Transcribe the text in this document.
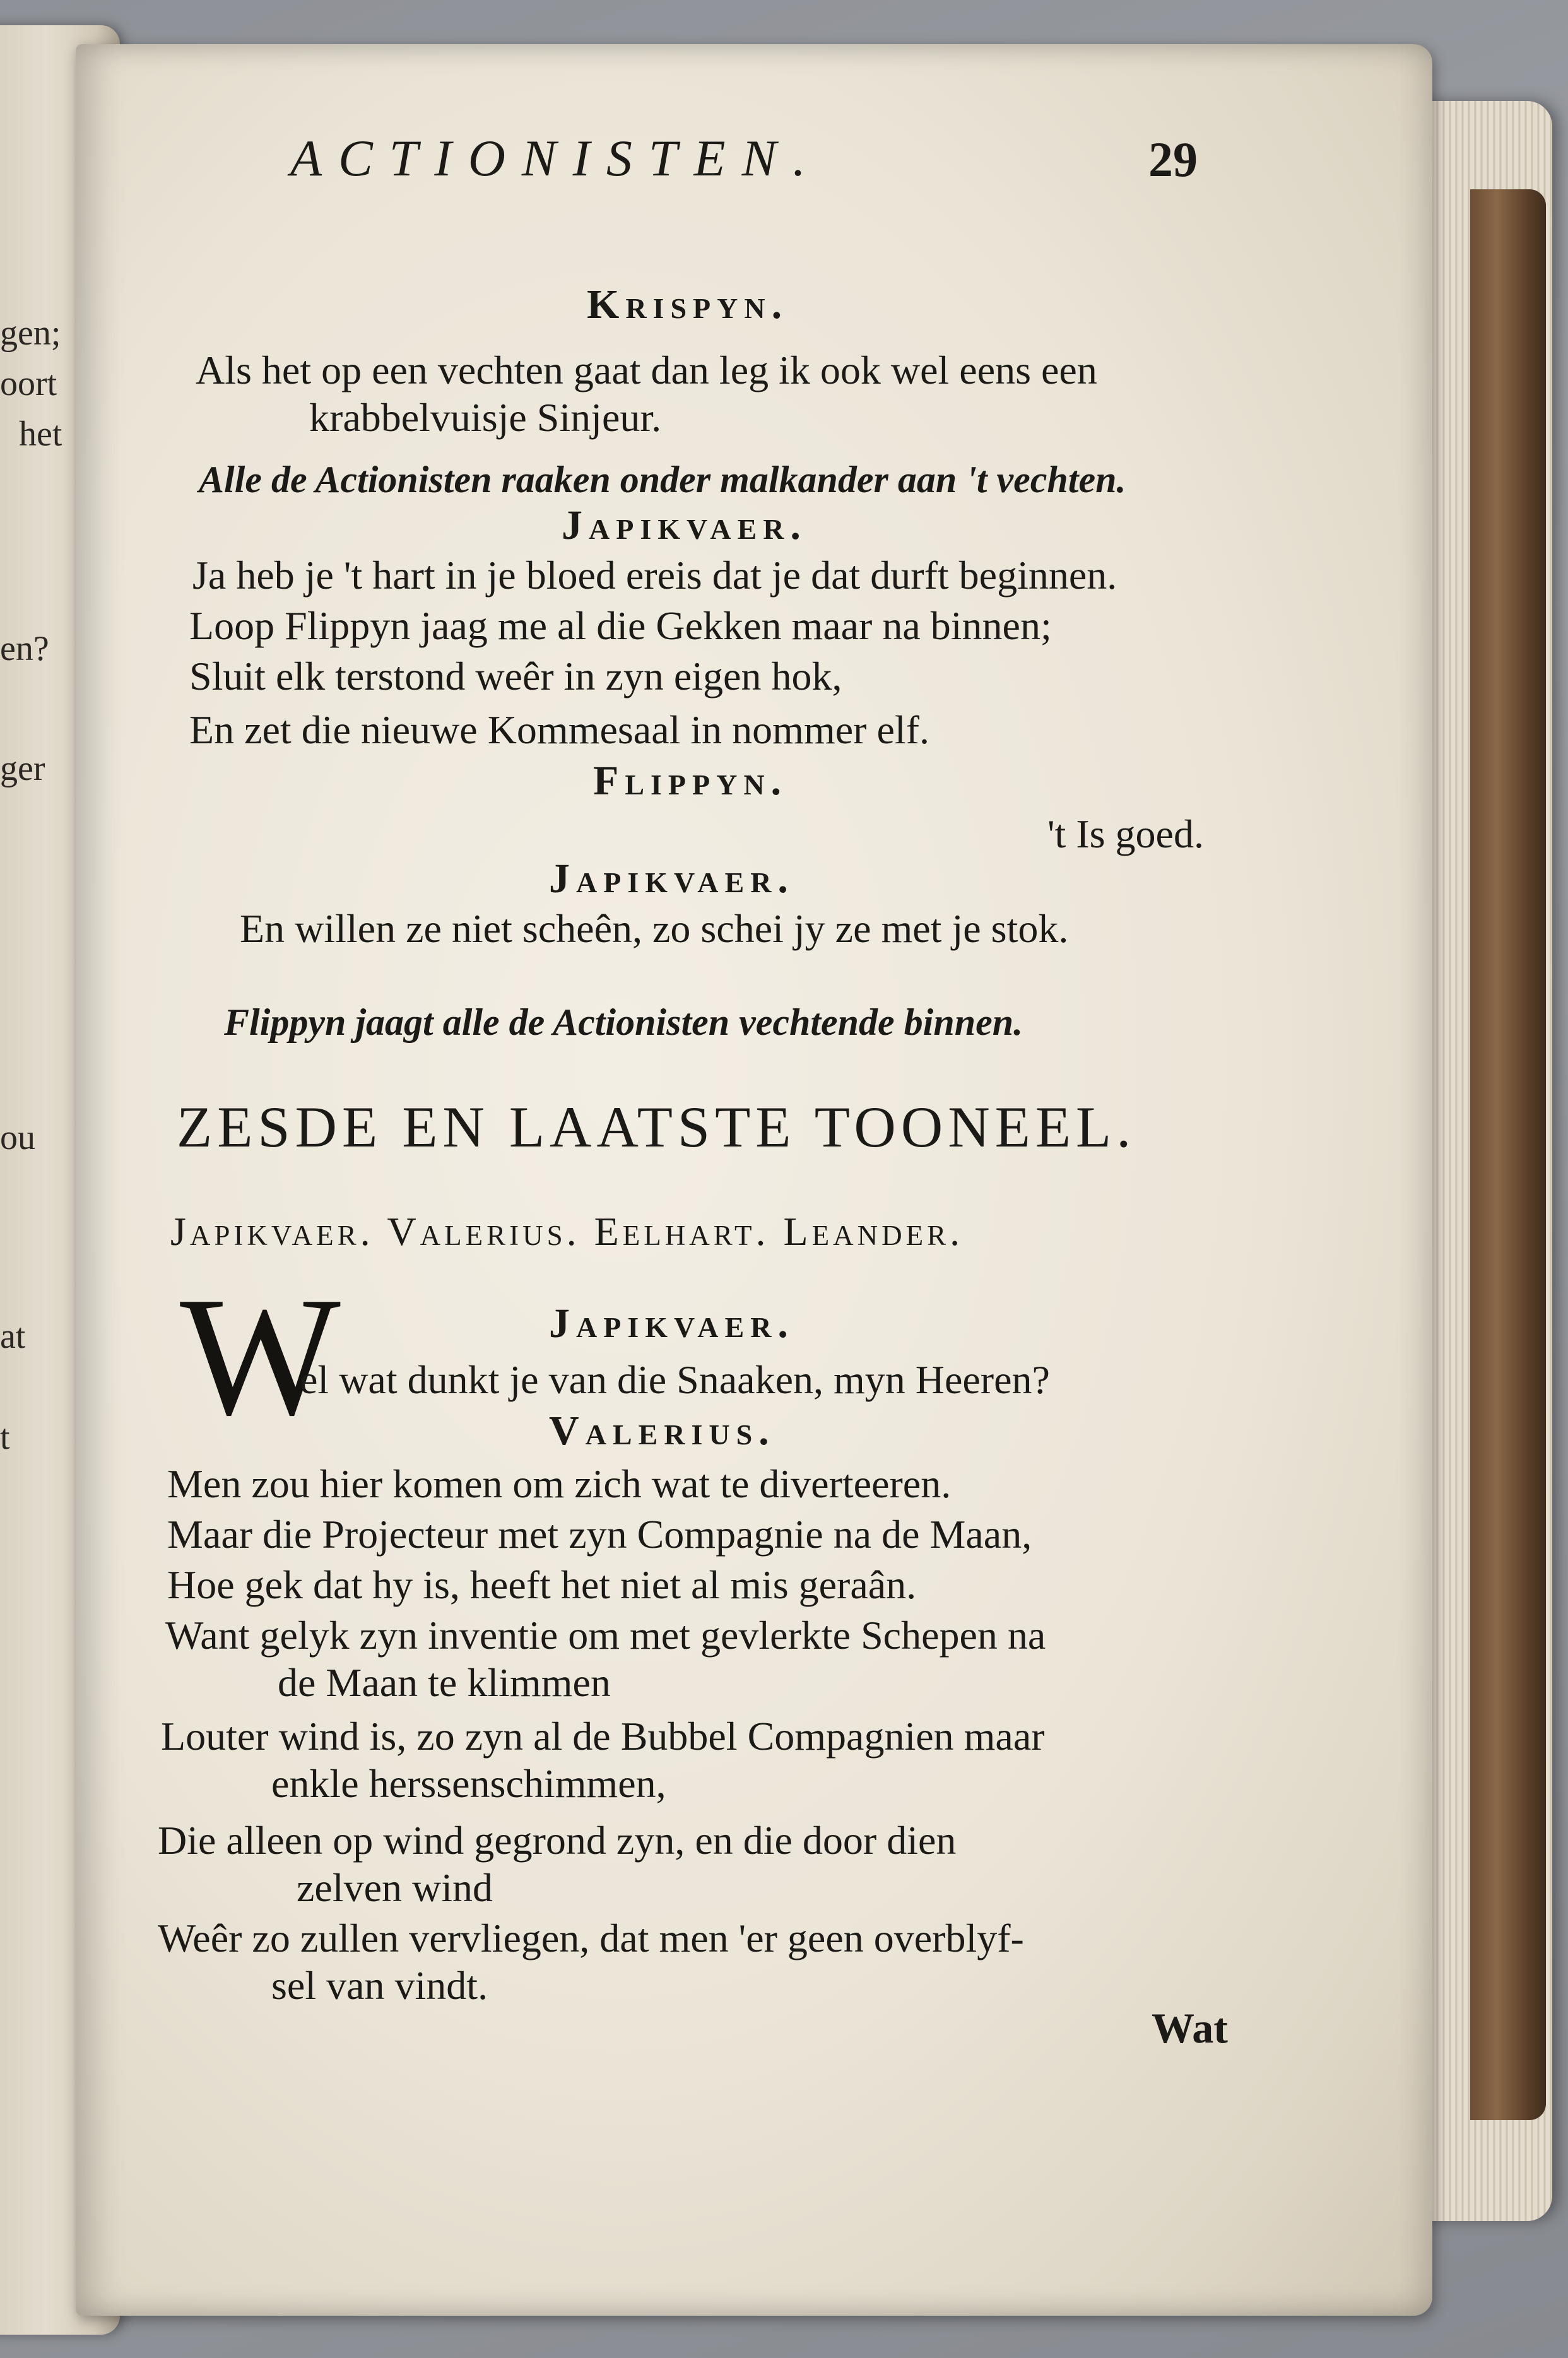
gen;
oort
het
en?
ger
ou
at
t
ACTIONISTEN.	29
Krispyn.
Als het op een vechten gaat dan leg ik ook wel eens een
krabbelvuisje Sinjeur.
Alle de Actionisten raaken onder malkander aan 't vechten.
Japikvaer.
Ja heb je 't hart in je bloed ereis dat je dat durft beginnen.
Loop Flippyn jaag me al die Gekken maar na binnen;
Sluit elk terstond weêr in zyn eigen hok,
En zet die nieuwe Kommesaal in nommer elf.
Flippyn.
't Is goed.
Japikvaer.
En willen ze niet scheên, zo schei jy ze met je stok.
Flippyn jaagt alle de Actionisten vechtende binnen.
ZESDE EN LAATSTE TOONEEL.
Japikvaer. Valerius. Eelhart. Leander.
W	Japikvaer.
el wat dunkt je van die Snaaken, myn Heeren?
Valerius.
Men zou hier komen om zich wat te diverteeren.
Maar die Projecteur met zyn Compagnie na de Maan,
Hoe gek dat hy is, heeft het niet al mis geraân.
Want gelyk zyn inventie om met gevlerkte Schepen na
de Maan te klimmen
Louter wind is, zo zyn al de Bubbel Compagnien maar
enkle herssenschimmen,
Die alleen op wind gegrond zyn, en die door dien
zelven wind
Weêr zo zullen vervliegen, dat men 'er geen overblyf-
sel van vindt.
Wat
